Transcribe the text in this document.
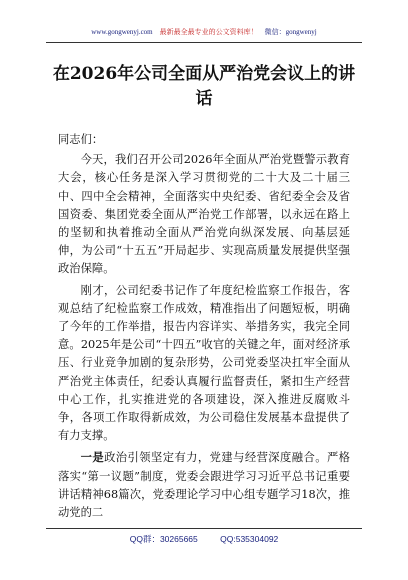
www.gongwenyj.com 最新最全最专业的公文资料库！ 微信：gongwenyj
在2026年公司全面从严治党会议上的讲话

同志们：

今天，我们召开公司2026年全面从严治党暨警示教育大会，核心任务是深入学习贯彻党的二十大及二十届三中、四中全会精神，全面落实中央纪委、省纪委全会及省国资委、集团党委全面从严治党工作部署，以永远在路上的坚韧和执着推动全面从严治党向纵深发展、向基层延伸，为公司“十五五”开局起步、实现高质量发展提供坚强政治保障。

刚才，公司纪委书记作了年度纪检监察工作报告，客观总结了纪检监察工作成效，精准指出了问题短板，明确了今年的工作举措，报告内容详实、举措务实，我完全同意。2025年是公司“十四五”收官的关键之年，面对经济承压、行业竞争加剧的复杂形势，公司党委坚决扛牢全面从严治党主体责任，纪委认真履行监督责任，紧扣生产经营中心工作，扎实推进党的各项建设，深入推进反腐败斗争，各项工作取得新成效，为公司稳住发展基本盘提供了有力支撑。

一是政治引领坚定有力，党建与经营深度融合。严格落实“第一议题”制度，党委会跟进学习习近平总书记重要讲话精神68篇次，党委理论学习中心组专题学习18次，推动党的二

QQ群：30265665	QQ:535304092
